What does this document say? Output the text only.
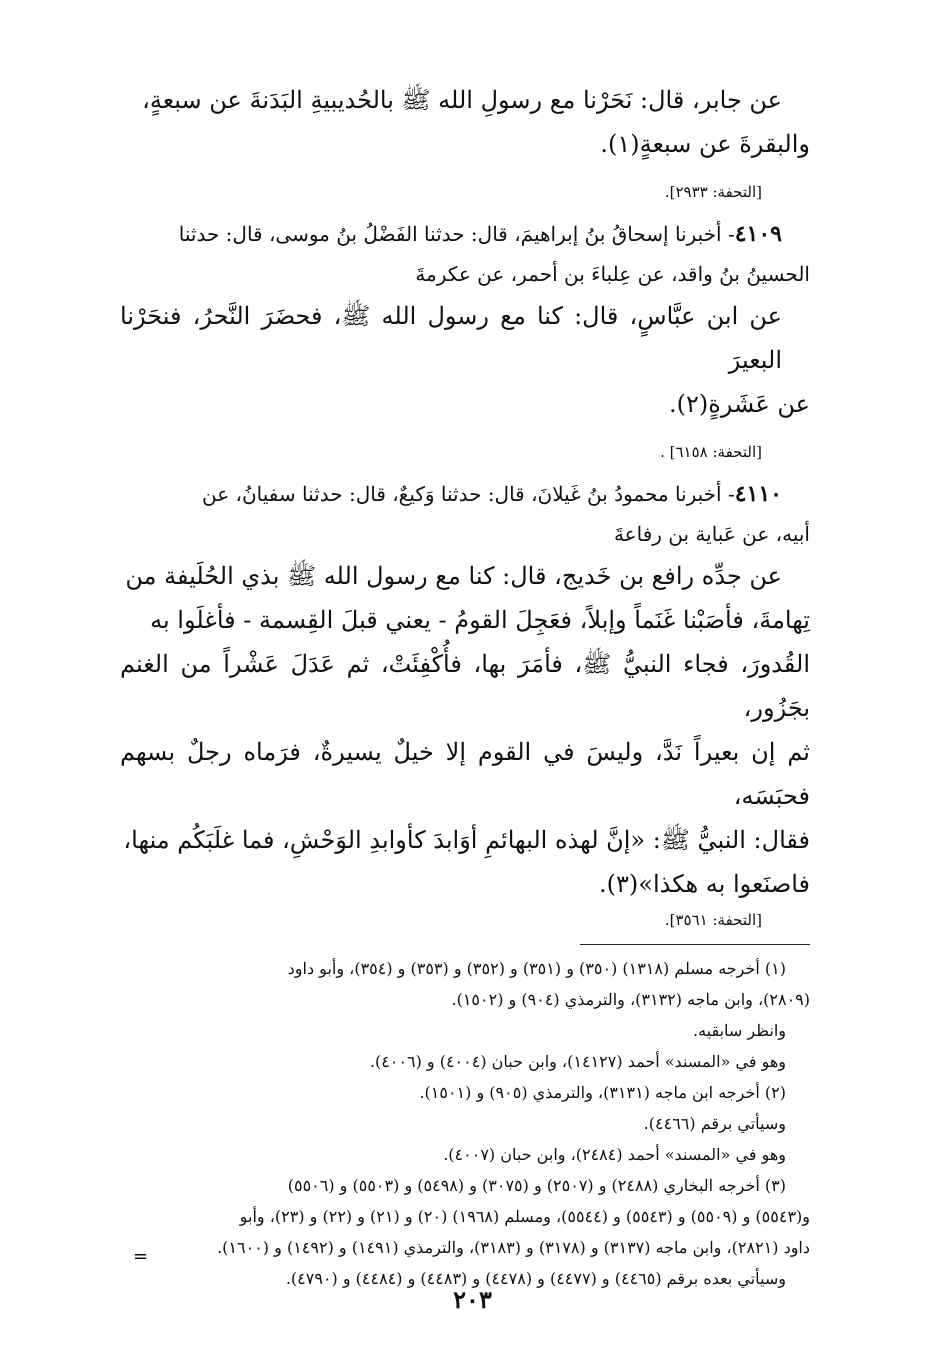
عن جابر، قال: نَحَرْنا مع رسولِ الله ﷺ بالحُديبيةِ البَدَنةَ عن سبعةٍ،

والبقرةَ عن سبعةٍ(١).

[التحفة: ٢٩٣٣].

٤١٠٩- أخبرنا إسحاقُ بنُ إبراهيمَ، قال: حدثنا الفَضْلُ بنُ موسى، قال: حدثنا

الحسينُ بنُ واقد، عن عِلباءَ بن أحمر، عن عكرمةَ

عن ابن عبَّاسٍ، قال: كنا مع رسول الله ﷺ، فحضَرَ النَّحرُ، فنحَرْنا البعيرَ

عن عَشَرةٍ(٢).

[التحفة: ٦١٥٨] .

٤١١٠- أخبرنا محمودُ بنُ غَيلانَ، قال: حدثنا وَكيعٌ، قال: حدثنا سفيانُ، عن

أبيه، عن عَباية بن رفاعةَ

عن جدِّه رافع بن خَديج، قال: كنا مع رسول الله ﷺ بذي الحُلَيفة من

تِهامةَ، فأصَبْنا غَنَماً وإبلاً، فعَجِلَ القومُ - يعني قبلَ القِسمة - فأغلَوا به

القُدورَ، فجاء النبيُّ ﷺ، فأمَرَ بها، فأُكْفِئَتْ، ثم عَدَلَ عَشْراً من الغنم بجَزُور،

ثم إن بعيراً نَدَّ، وليسَ في القوم إلا خيلٌ يسيرةٌ، فرَماه رجلٌ بسهم فحبَسَه،

فقال: النبيُّ ﷺ: «إنَّ لهذه البهائمِ أوَابدَ كأوابدِ الوَحْشِ، فما غلَبَكُم منها،

فاصنَعوا به هكذا»(٣).

[التحفة: ٣٥٦١].

(١) أخرجه مسلم (١٣١٨) (٣٥٠) و (٣٥١) و (٣٥٢) و (٣٥٣) و (٣٥٤)، وأبو داود

(٢٨٠٩)، وابن ماجه (٣١٣٢)، والترمذي (٩٠٤) و (١٥٠٢).

وانظر سابقيه.

وهو في «المسند» أحمد (١٤١٢٧)، وابن حبان (٤٠٠٤) و (٤٠٠٦).

(٢) أخرجه ابن ماجه (٣١٣١)، والترمذي (٩٠٥) و (١٥٠١).

وسيأتي برقم (٤٤٦٦).

وهو في «المسند» أحمد (٢٤٨٤)، وابن حبان (٤٠٠٧).

(٣) أخرجه البخاري (٢٤٨٨) و (٢٥٠٧) و (٣٠٧٥) و (٥٤٩٨) و (٥٥٠٣) و (٥٥٠٦)

و(٥٥٤٣) و (٥٥٠٩) و (٥٥٤٣) و (٥٥٤٤)، ومسلم (١٩٦٨) (٢٠) و (٢١) و (٢٢) و (٢٣)، وأبو

داود (٢٨٢١)، وابن ماجه (٣١٣٧) و (٣١٧٨) و (٣١٨٣)، والترمذي (١٤٩١) و (١٤٩٢) و (١٦٠٠).

وسيأتي بعده برقم (٤٤٦٥) و (٤٤٧٧) و (٤٤٧٨) و (٤٤٨٣) و (٤٤٨٤) و (٤٧٩٠).

=
٢٠٣
